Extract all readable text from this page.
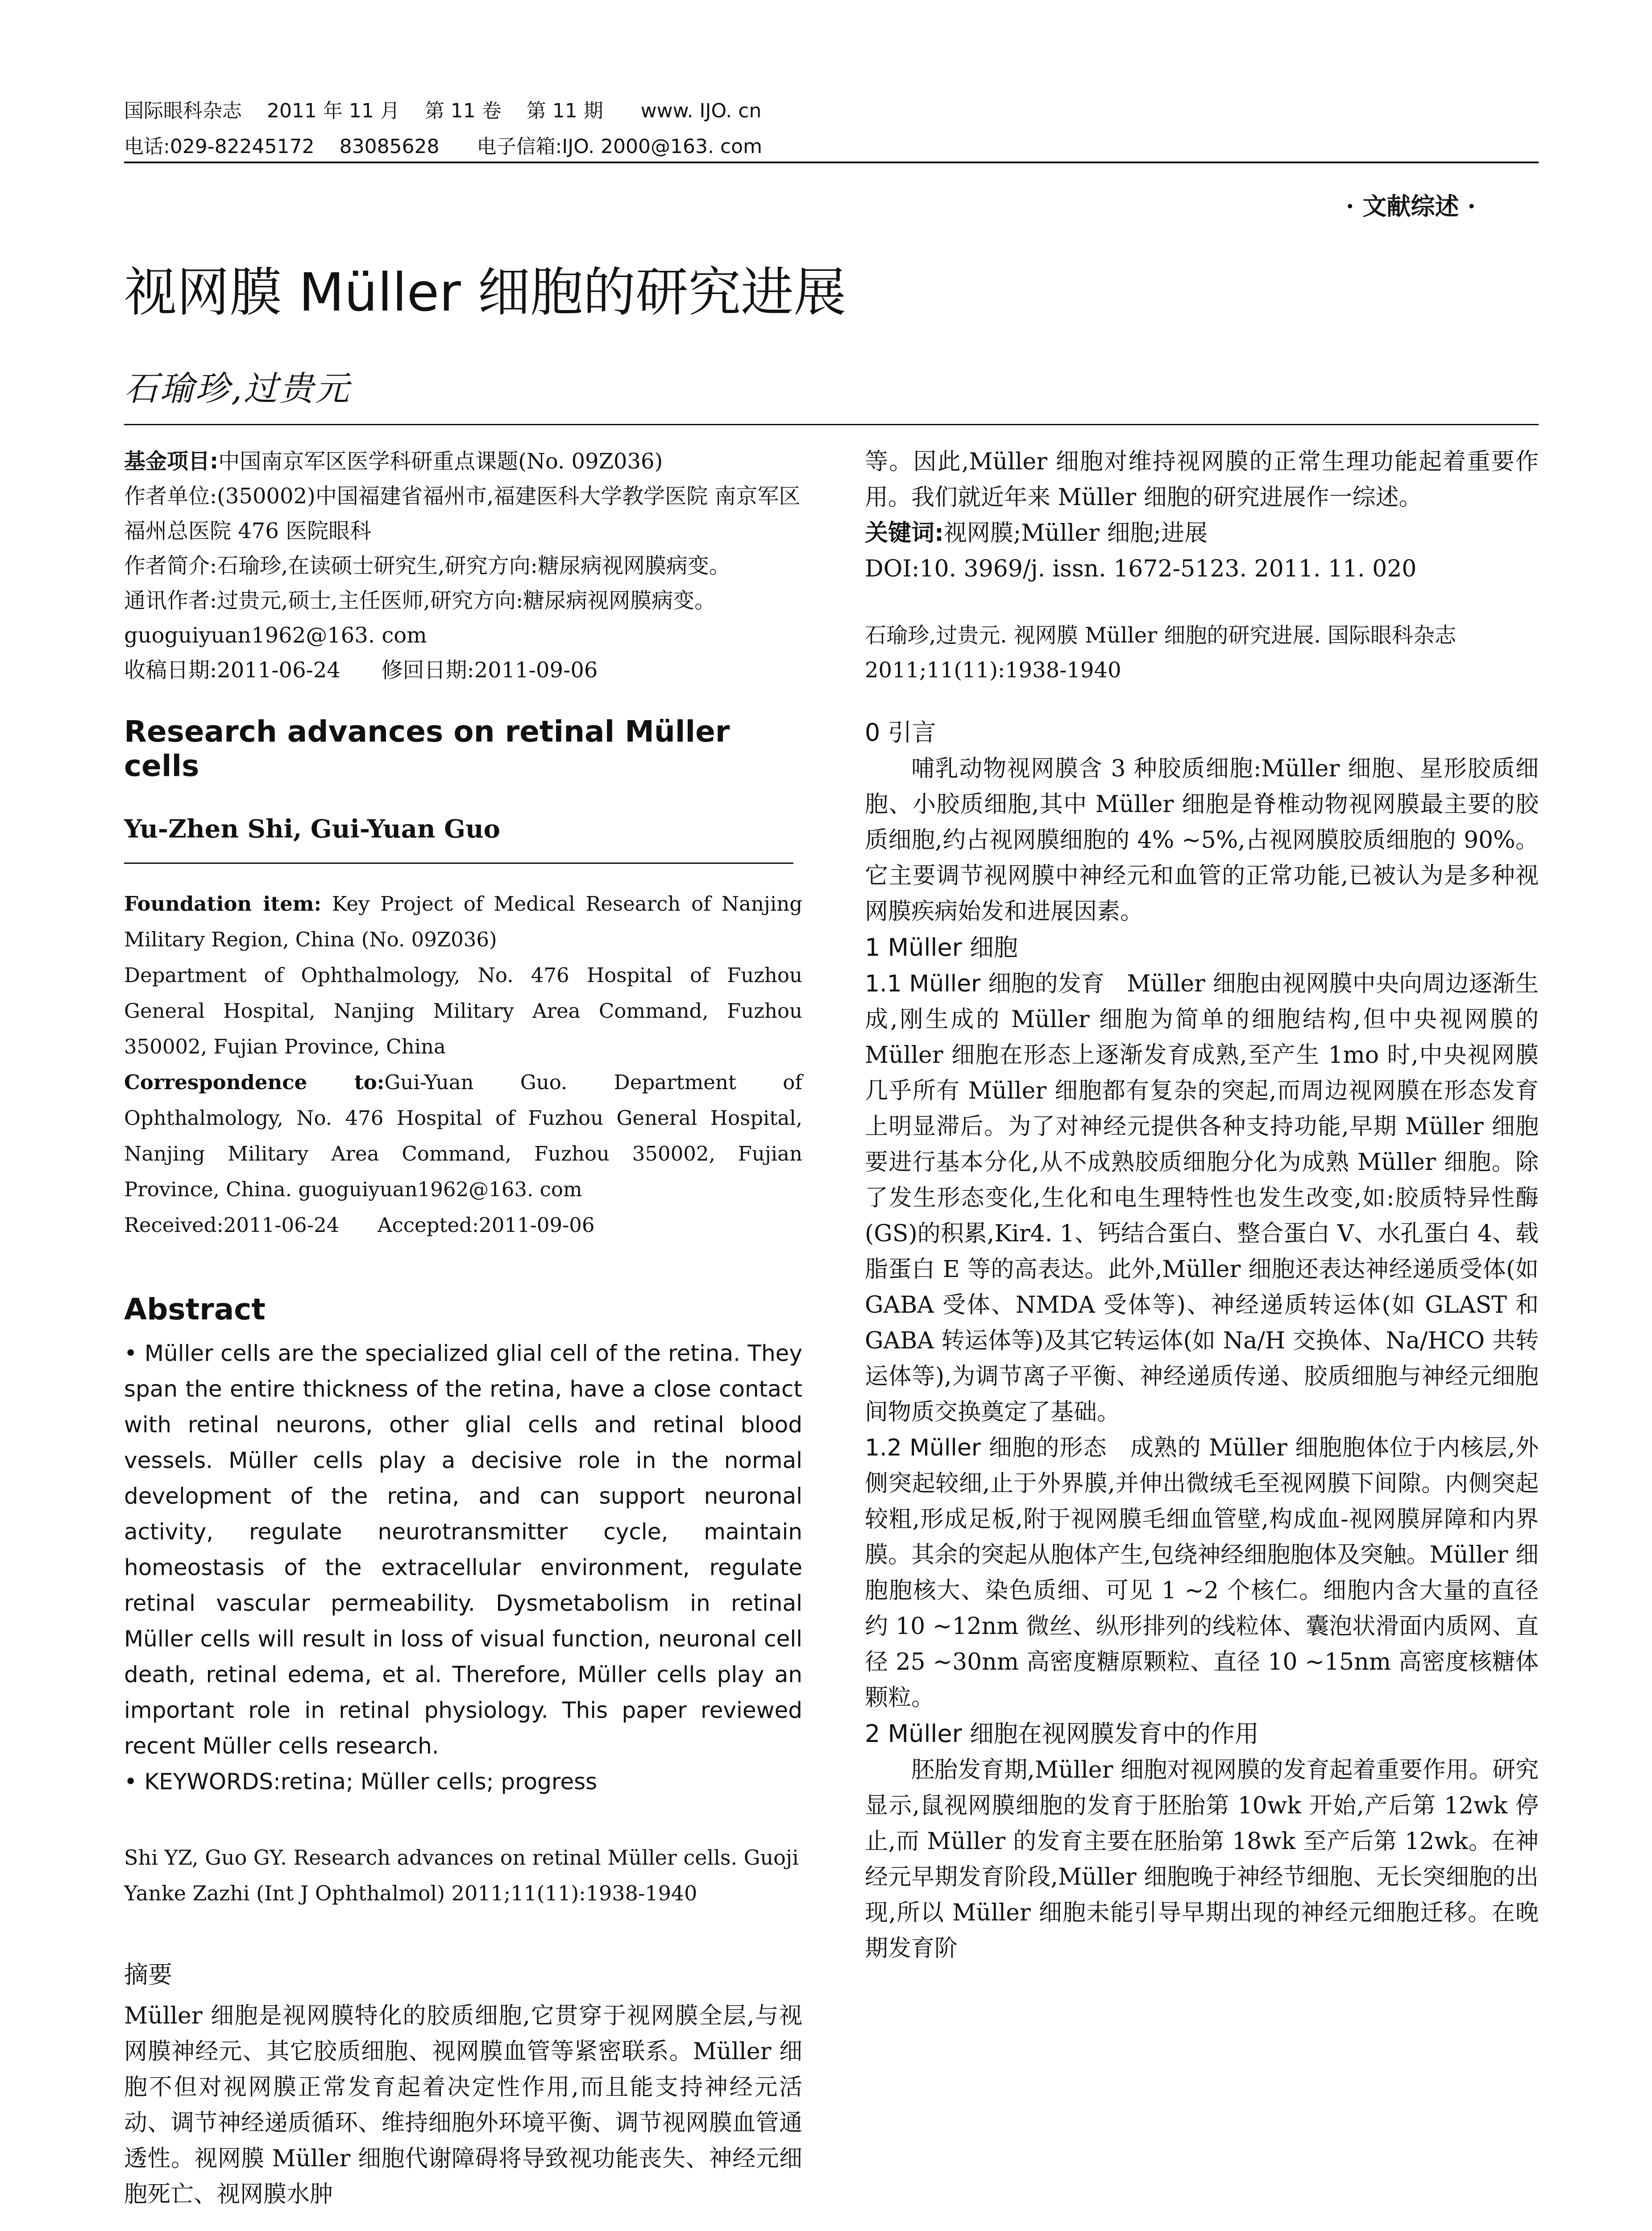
国际眼科杂志    2011 年 11 月    第 11 卷    第 11 期      www. IJO. cn
电话:029-82245172    83085628      电子信箱:IJO. 2000@163. com
· 文献综述 ·
视网膜 Müller 细胞的研究进展
石瑜珍,过贵元

基金项目:中国南京军区医学科研重点课题(No. 09Z036)

作者单位:(350002)中国福建省福州市,福建医科大学教学医院 南京军区福州总医院 476 医院眼科

作者简介:石瑜珍,在读硕士研究生,研究方向:糖尿病视网膜病变。

通讯作者:过贵元,硕士,主任医师,研究方向:糖尿病视网膜病变。guoguiyuan1962@163. com

收稿日期:2011-06-24      修回日期:2011-09-06

Research advances on retinal Müller cells
Yu-Zhen Shi, Gui-Yuan Guo

Foundation item: Key Project of Medical Research of Nanjing Military Region, China (No. 09Z036)

Department of Ophthalmology, No. 476 Hospital of Fuzhou General Hospital, Nanjing Military Area Command, Fuzhou 350002, Fujian Province, China

Correspondence to:Gui-Yuan Guo. Department of Ophthalmology, No. 476 Hospital of Fuzhou General Hospital, Nanjing Military Area Command, Fuzhou 350002, Fujian Province, China. guoguiyuan1962@163. com

Received:2011-06-24      Accepted:2011-09-06

Abstract

• Müller cells are the specialized glial cell of the retina. They span the entire thickness of the retina, have a close contact with retinal neurons, other glial cells and retinal blood vessels. Müller cells play a decisive role in the normal development of the retina, and can support neuronal activity, regulate neurotransmitter cycle, maintain homeostasis of the extracellular environment, regulate retinal vascular permeability. Dysmetabolism in retinal Müller cells will result in loss of visual function, neuronal cell death, retinal edema, et al. Therefore, Müller cells play an important role in retinal physiology. This paper reviewed recent Müller cells research.

• KEYWORDS:retina; Müller cells; progress

Shi YZ, Guo GY. Research advances on retinal Müller cells. Guoji Yanke Zazhi (Int J Ophthalmol) 2011;11(11):1938-1940

摘要

Müller 细胞是视网膜特化的胶质细胞,它贯穿于视网膜全层,与视网膜神经元、其它胶质细胞、视网膜血管等紧密联系。Müller 细胞不但对视网膜正常发育起着决定性作用,而且能支持神经元活动、调节神经递质循环、维持细胞外环境平衡、调节视网膜血管通透性。视网膜 Müller 细胞代谢障碍将导致视功能丧失、神经元细胞死亡、视网膜水肿

等。因此,Müller 细胞对维持视网膜的正常生理功能起着重要作用。我们就近年来 Müller 细胞的研究进展作一综述。

关键词:视网膜;Müller 细胞;进展

DOI:10. 3969/j. issn. 1672-5123. 2011. 11. 020

石瑜珍,过贵元. 视网膜 Müller 细胞的研究进展. 国际眼科杂志 2011;11(11):1938-1940

0 引言

哺乳动物视网膜含 3 种胶质细胞:Müller 细胞、星形胶质细胞、小胶质细胞,其中 Müller 细胞是脊椎动物视网膜最主要的胶质细胞,约占视网膜细胞的 4% ~5%,占视网膜胶质细胞的 90%。它主要调节视网膜中神经元和血管的正常功能,已被认为是多种视网膜疾病始发和进展因素。

1 Müller 细胞

1.1 Müller 细胞的发育 Müller 细胞由视网膜中央向周边逐渐生成,刚生成的 Müller 细胞为简单的细胞结构,但中央视网膜的 Müller 细胞在形态上逐渐发育成熟,至产生 1mo 时,中央视网膜几乎所有 Müller 细胞都有复杂的突起,而周边视网膜在形态发育上明显滞后。为了对神经元提供各种支持功能,早期 Müller 细胞要进行基本分化,从不成熟胶质细胞分化为成熟 Müller 细胞。除了发生形态变化,生化和电生理特性也发生改变,如:胶质特异性酶(GS)的积累,Kir4. 1、钙结合蛋白、整合蛋白 V、水孔蛋白 4、载脂蛋白 E 等的高表达。此外,Müller 细胞还表达神经递质受体(如 GABA 受体、NMDA 受体等)、神经递质转运体(如 GLAST 和 GABA 转运体等)及其它转运体(如 Na/H 交换体、Na/HCO 共转运体等),为调节离子平衡、神经递质传递、胶质细胞与神经元细胞间物质交换奠定了基础。

1.2 Müller 细胞的形态 成熟的 Müller 细胞胞体位于内核层,外侧突起较细,止于外界膜,并伸出微绒毛至视网膜下间隙。内侧突起较粗,形成足板,附于视网膜毛细血管壁,构成血-视网膜屏障和内界膜。其余的突起从胞体产生,包绕神经细胞胞体及突触。Müller 细胞胞核大、染色质细、可见 1 ~2 个核仁。细胞内含大量的直径约 10 ~12nm 微丝、纵形排列的线粒体、囊泡状滑面内质网、直径 25 ~30nm 高密度糖原颗粒、直径 10 ~15nm 高密度核糖体颗粒。

2 Müller 细胞在视网膜发育中的作用

胚胎发育期,Müller 细胞对视网膜的发育起着重要作用。研究显示,鼠视网膜细胞的发育于胚胎第 10wk 开始,产后第 12wk 停止,而 Müller 的发育主要在胚胎第 18wk 至产后第 12wk。在神经元早期发育阶段,Müller 细胞晚于神经节细胞、无长突细胞的出现,所以 Müller 细胞未能引导早期出现的神经元细胞迁移。在晚期发育阶
